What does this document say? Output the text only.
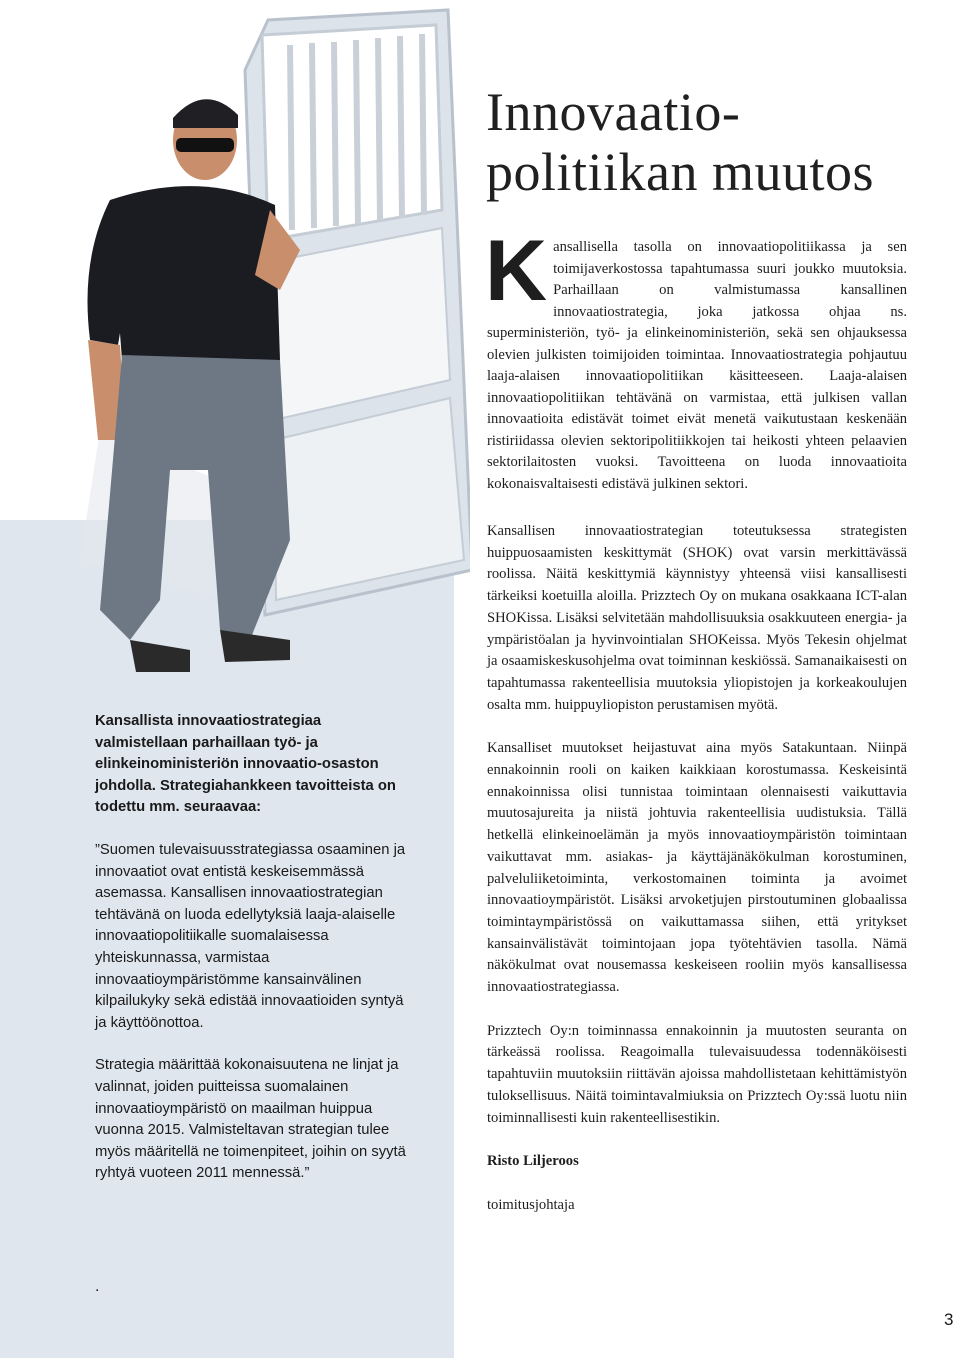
Innovaatio-
politiikan muutos
Kansallisella tasolla on innovaatiopolitiikassa ja sen toimijaverkostossa tapahtumassa suuri joukko muutoksia. Parhaillaan on valmistumassa kansallinen innovaatiostrategia, joka jatkossa ohjaa ns. superministeriön, työ- ja elinkeinoministeriön, sekä sen ohjauksessa olevien julkisten toimijoiden toimintaa. Innovaatiostrategia pohjautuu laaja-alaisen innovaatiopolitiikan käsitteeseen. Laaja-alaisen innovaatiopolitiikan tehtävänä on varmistaa, että julkisen vallan innovaatioita edistävät toimet eivät menetä vaikutustaan keskenään ristiriidassa olevien sektoripolitiikkojen tai heikosti yhteen pelaavien sektorilaitosten vuoksi. Tavoitteena on luoda innovaatioita kokonaisvaltaisesti edistävä julkinen sektori.

Kansallisen innovaatiostrategian toteutuksessa strategisten huippuosaamisten keskittymät (SHOK) ovat varsin merkittävässä roolissa. Näitä keskittymiä käynnistyy yhteensä viisi kansallisesti tärkeiksi koetuilla aloilla. Prizztech Oy on mukana osakkaana ICT-alan SHOKissa. Lisäksi selvitetään mahdollisuuksia osakkuuteen energia- ja ympäristöalan ja hyvinvointialan SHOKeissa. Myös Tekesin ohjelmat ja osaamiskeskusohjelma ovat toiminnan keskiössä. Samanaikaisesti on tapahtumassa rakenteellisia muutoksia yliopistojen ja korkeakoulujen osalta mm. huippuyliopiston perustamisen myötä.

Kansalliset muutokset heijastuvat aina myös Satakuntaan. Niinpä ennakoinnin rooli on kaiken kaikkiaan korostumassa. Keskeisintä ennakoinnissa olisi tunnistaa toimintaan olennaisesti vaikuttavia muutosajureita ja niistä johtuvia rakenteellisia uudistuksia. Tällä hetkellä elinkeinoelämän ja myös innovaatioympäristön toimintaan vaikuttavat mm. asiakas- ja käyttäjänäkökulman korostuminen, palveluliiketoiminta, verkostomainen toiminta ja avoimet innovaatioympäristöt. Lisäksi arvoketjujen pirstoutuminen globaalissa toimintaympäristössä on vaikuttamassa siihen, että yritykset kansainvälistävät toimintojaan jopa työtehtävien tasolla. Nämä näkökulmat ovat nousemassa keskeiseen rooliin myös kansallisessa innovaatiostrategiassa.

Prizztech Oy:n toiminnassa ennakoinnin ja muutosten seuranta on tärkeässä roolissa. Reagoimalla tulevaisuudessa todennäköisesti tapahtuviin muutoksiin riittävän ajoissa mahdollistetaan kehittämistyön tuloksellisuus. Näitä toimintavalmiuksia on Prizztech Oy:ssä luotu niin toiminnallisesti kuin rakenteellisestikin.

Risto Liljeroos

toimitusjohtaja

Kansallista innovaatiostrategiaa valmistellaan parhaillaan työ- ja elinkeinoministeriön innovaatio-osaston johdolla. Strategiahankkeen tavoitteista on todettu mm. seuraavaa:

”Suomen tulevaisuusstrategiassa osaaminen ja innovaatiot ovat entistä keskeisemmässä asemassa. Kansallisen innovaatiostrategian tehtävänä on luoda edellytyksiä laaja-alaiselle innovaatiopolitiikalle suomalaisessa yhteiskunnassa, varmistaa innovaatioympäristömme kansainvälinen kilpailukyky sekä edistää innovaatioiden syntyä ja käyttöönottoa.

Strategia määrittää kokonaisuutena ne linjat ja valinnat, joiden puitteissa suomalainen innovaatioympäristö on maailman huippua vuonna 2015. Valmisteltavan strategian tulee myös määritellä ne toimenpiteet, joihin on syytä ryhtyä vuoteen 2011 mennessä.”

.
3
